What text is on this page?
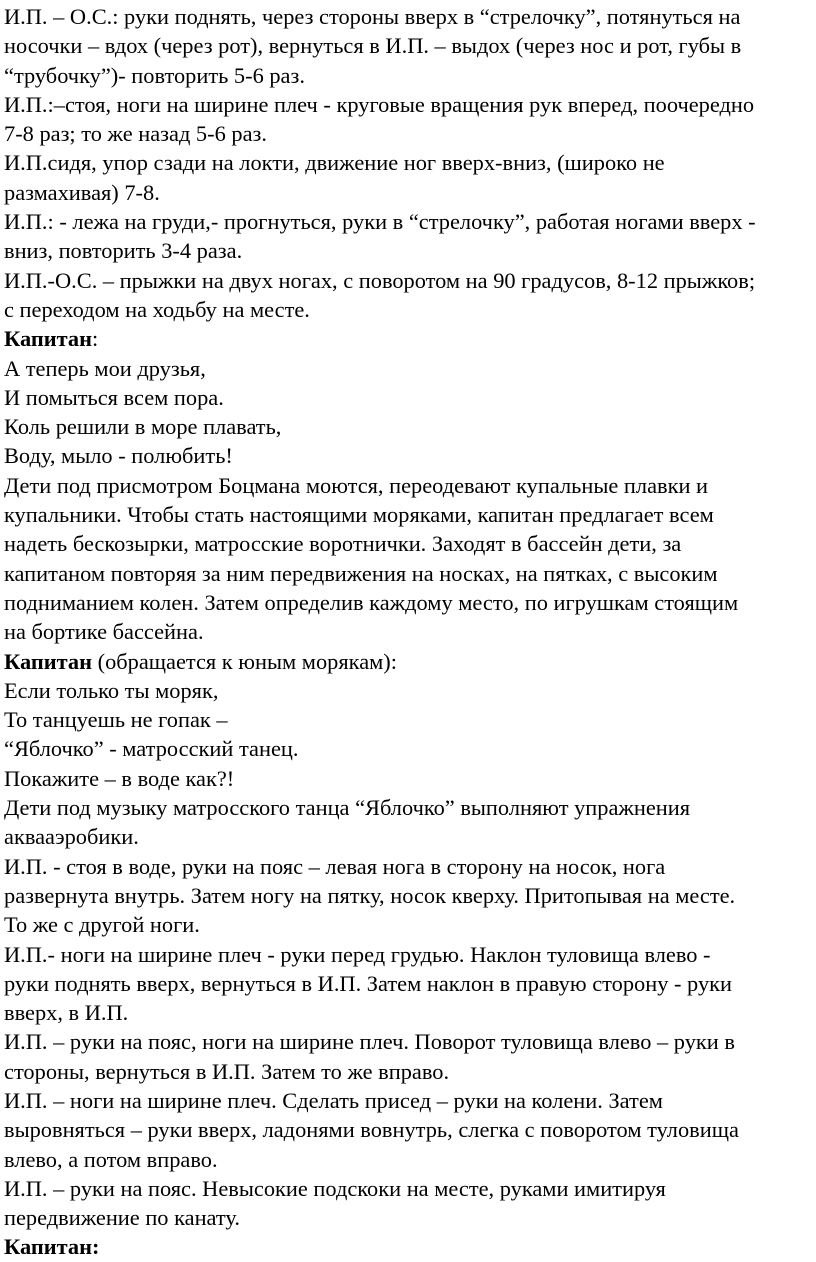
И.П. – О.С.: руки поднять, через стороны вверх в “стрелочку”, потянуться на
носочки – вдох (через рот), вернуться в И.П. – выдох (через нос и рот, губы в
“трубочку”)- повторить 5-6 раз.
И.П.:–стоя, ноги на ширине плеч - круговые вращения рук вперед, поочередно
7-8 раз; то же назад 5-6 раз.
И.П.сидя, упор сзади на локти, движение ног вверх-вниз, (широко не
размахивая) 7-8.
И.П.: - лежа на груди,- прогнуться, руки в “стрелочку”, работая ногами вверх -
вниз, повторить 3-4 раза.
И.П.-О.С. – прыжки на двух ногах, с поворотом на 90 градусов, 8-12 прыжков;
с переходом на ходьбу на месте.
Капитан:
А теперь мои друзья,
И помыться всем пора.
Коль решили в море плавать,
Воду, мыло - полюбить!
Дети под присмотром Боцмана моются, переодевают купальные плавки и
купальники. Чтобы стать настоящими моряками, капитан предлагает всем
надеть бескозырки, матросские воротнички. Заходят в бассейн дети, за
капитаном повторяя за ним передвижения на носках, на пятках, с высоким
подниманием колен. Затем определив каждому место, по игрушкам стоящим
на бортике бассейна.
Капитан (обращается к юным морякам):
Если только ты моряк,
То танцуешь не гопак –
“Яблочко” - матросский танец.
Покажите – в воде как?!
Дети под музыку матросского танца “Яблочко” выполняют упражнения
аквааэробики.
И.П. - стоя в воде, руки на пояс – левая нога в сторону на носок, нога
развернута внутрь. Затем ногу на пятку, носок кверху. Притопывая на месте.
То же с другой ноги.
И.П.- ноги на ширине плеч - руки перед грудью. Наклон туловища влево -
руки поднять вверх, вернуться в И.П. Затем наклон в правую сторону - руки
вверх, в И.П.
И.П. – руки на пояс, ноги на ширине плеч. Поворот туловища влево – руки в
стороны, вернуться в И.П. Затем то же вправо.
И.П. – ноги на ширине плеч. Сделать присед – руки на колени. Затем
выровняться – руки вверх, ладонями вовнутрь, слегка с поворотом туловища
влево, а потом вправо.
И.П. – руки на пояс. Невысокие подскоки на месте, руками имитируя
передвижение по канату.
Капитан:
